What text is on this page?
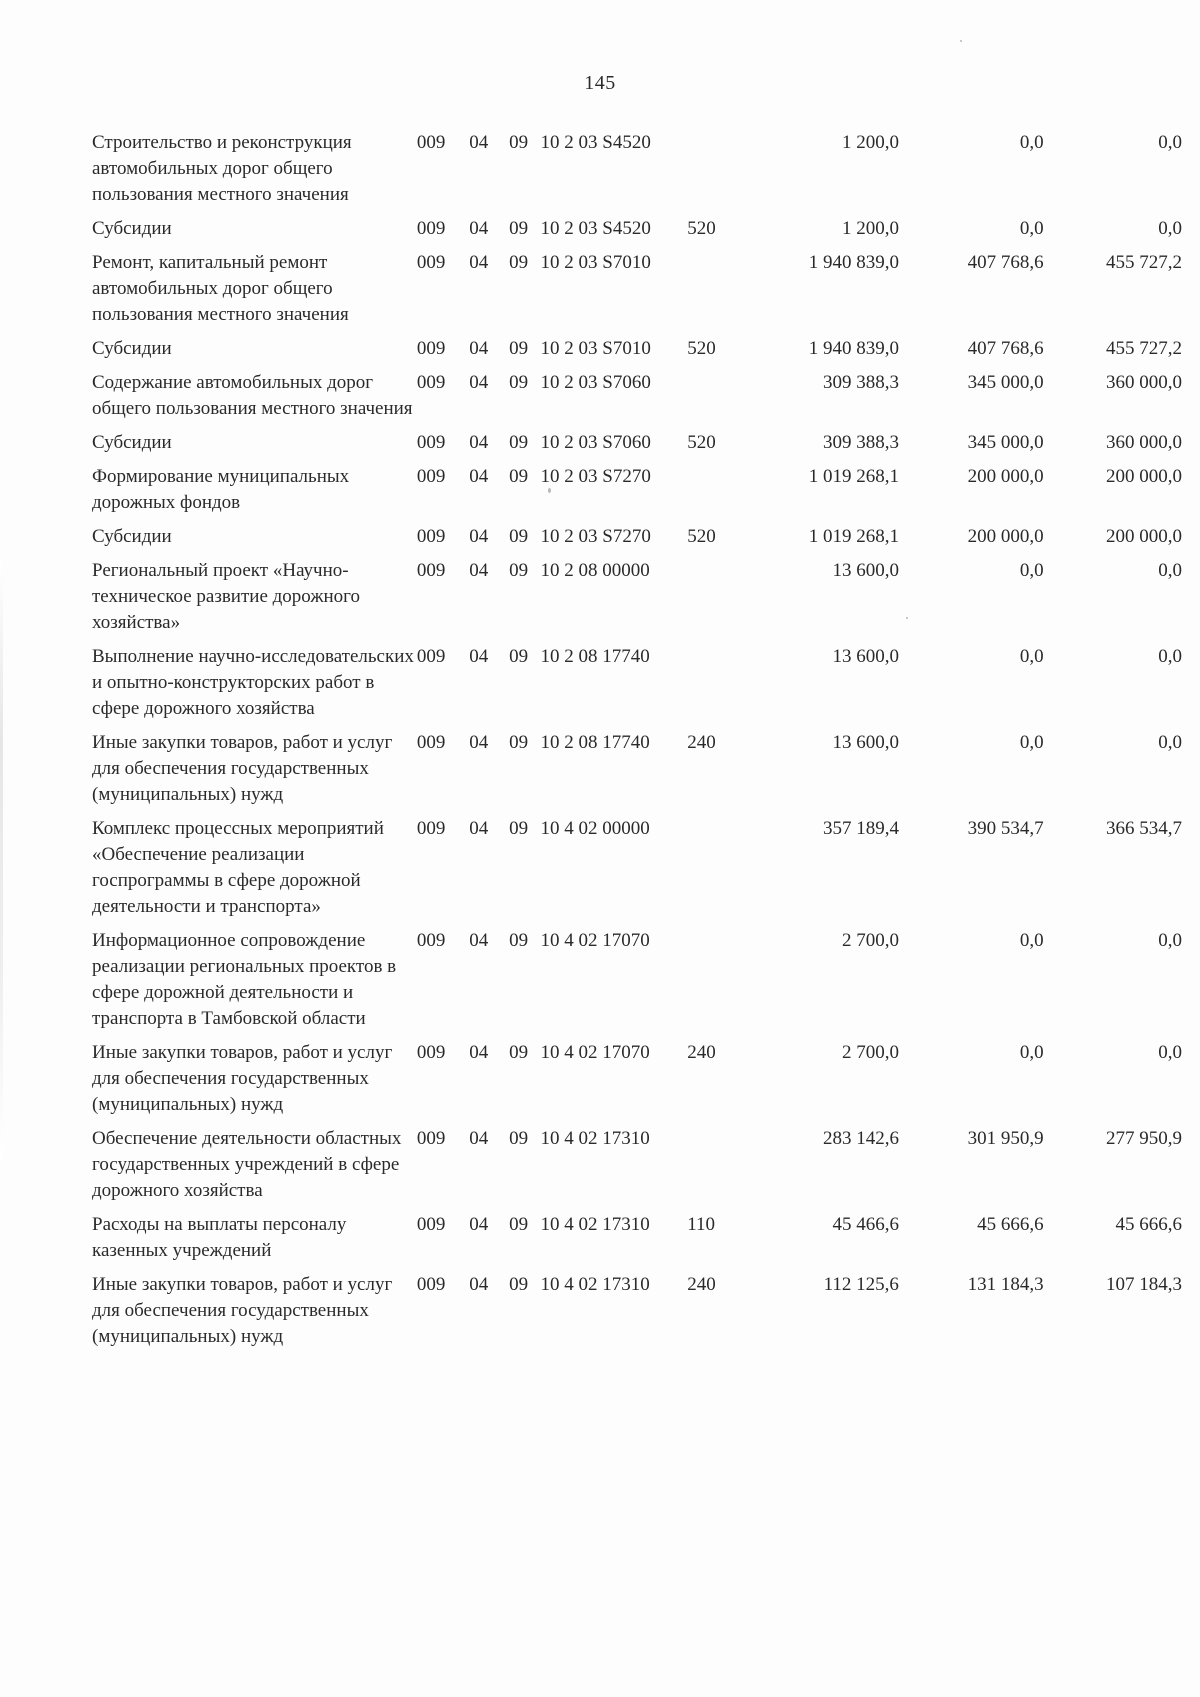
145
Строительство и реконструкция автомобильных дорог общего пользования местного значения	009	04	09	10 2 03 S4520		1 200,0	0,0	0,0
Субсидии	009	04	09	10 2 03 S4520	520	1 200,0	0,0	0,0
Ремонт, капитальный ремонт автомобильных дорог общего пользования местного значения	009	04	09	10 2 03 S7010		1 940 839,0	407 768,6	455 727,2
Субсидии	009	04	09	10 2 03 S7010	520	1 940 839,0	407 768,6	455 727,2
Содержание автомобильных дорог общего пользования местного значения	009	04	09	10 2 03 S7060		309 388,3	345 000,0	360 000,0
Субсидии	009	04	09	10 2 03 S7060	520	309 388,3	345 000,0	360 000,0
Формирование муниципальных дорожных фондов	009	04	09	10 2 03 S7270		1 019 268,1	200 000,0	200 000,0
Субсидии	009	04	09	10 2 03 S7270	520	1 019 268,1	200 000,0	200 000,0
Региональный проект «Научно-техническое развитие дорожного хозяйства»	009	04	09	10 2 08 00000		13 600,0	0,0	0,0
Выполнение научно-исследовательских и опытно-конструкторских работ в сфере дорожного хозяйства	009	04	09	10 2 08 17740		13 600,0	0,0	0,0
Иные закупки товаров, работ и услуг для обеспечения государственных (муниципальных) нужд	009	04	09	10 2 08 17740	240	13 600,0	0,0	0,0
Комплекс процессных мероприятий «Обеспечение реализации госпрограммы в сфере дорожной деятельности и транспорта»	009	04	09	10 4 02 00000		357 189,4	390 534,7	366 534,7
Информационное сопровождение реализации региональных проектов в сфере дорожной деятельности и транспорта в Тамбовской области	009	04	09	10 4 02 17070		2 700,0	0,0	0,0
Иные закупки товаров, работ и услуг для обеспечения государственных (муниципальных) нужд	009	04	09	10 4 02 17070	240	2 700,0	0,0	0,0
Обеспечение деятельности областных государственных учреждений в сфере дорожного хозяйства	009	04	09	10 4 02 17310		283 142,6	301 950,9	277 950,9
Расходы на выплаты персоналу казенных учреждений	009	04	09	10 4 02 17310	110	45 466,6	45 666,6	45 666,6
Иные закупки товаров, работ и услуг для обеспечения государственных (муниципальных) нужд	009	04	09	10 4 02 17310	240	112 125,6	131 184,3	107 184,3
